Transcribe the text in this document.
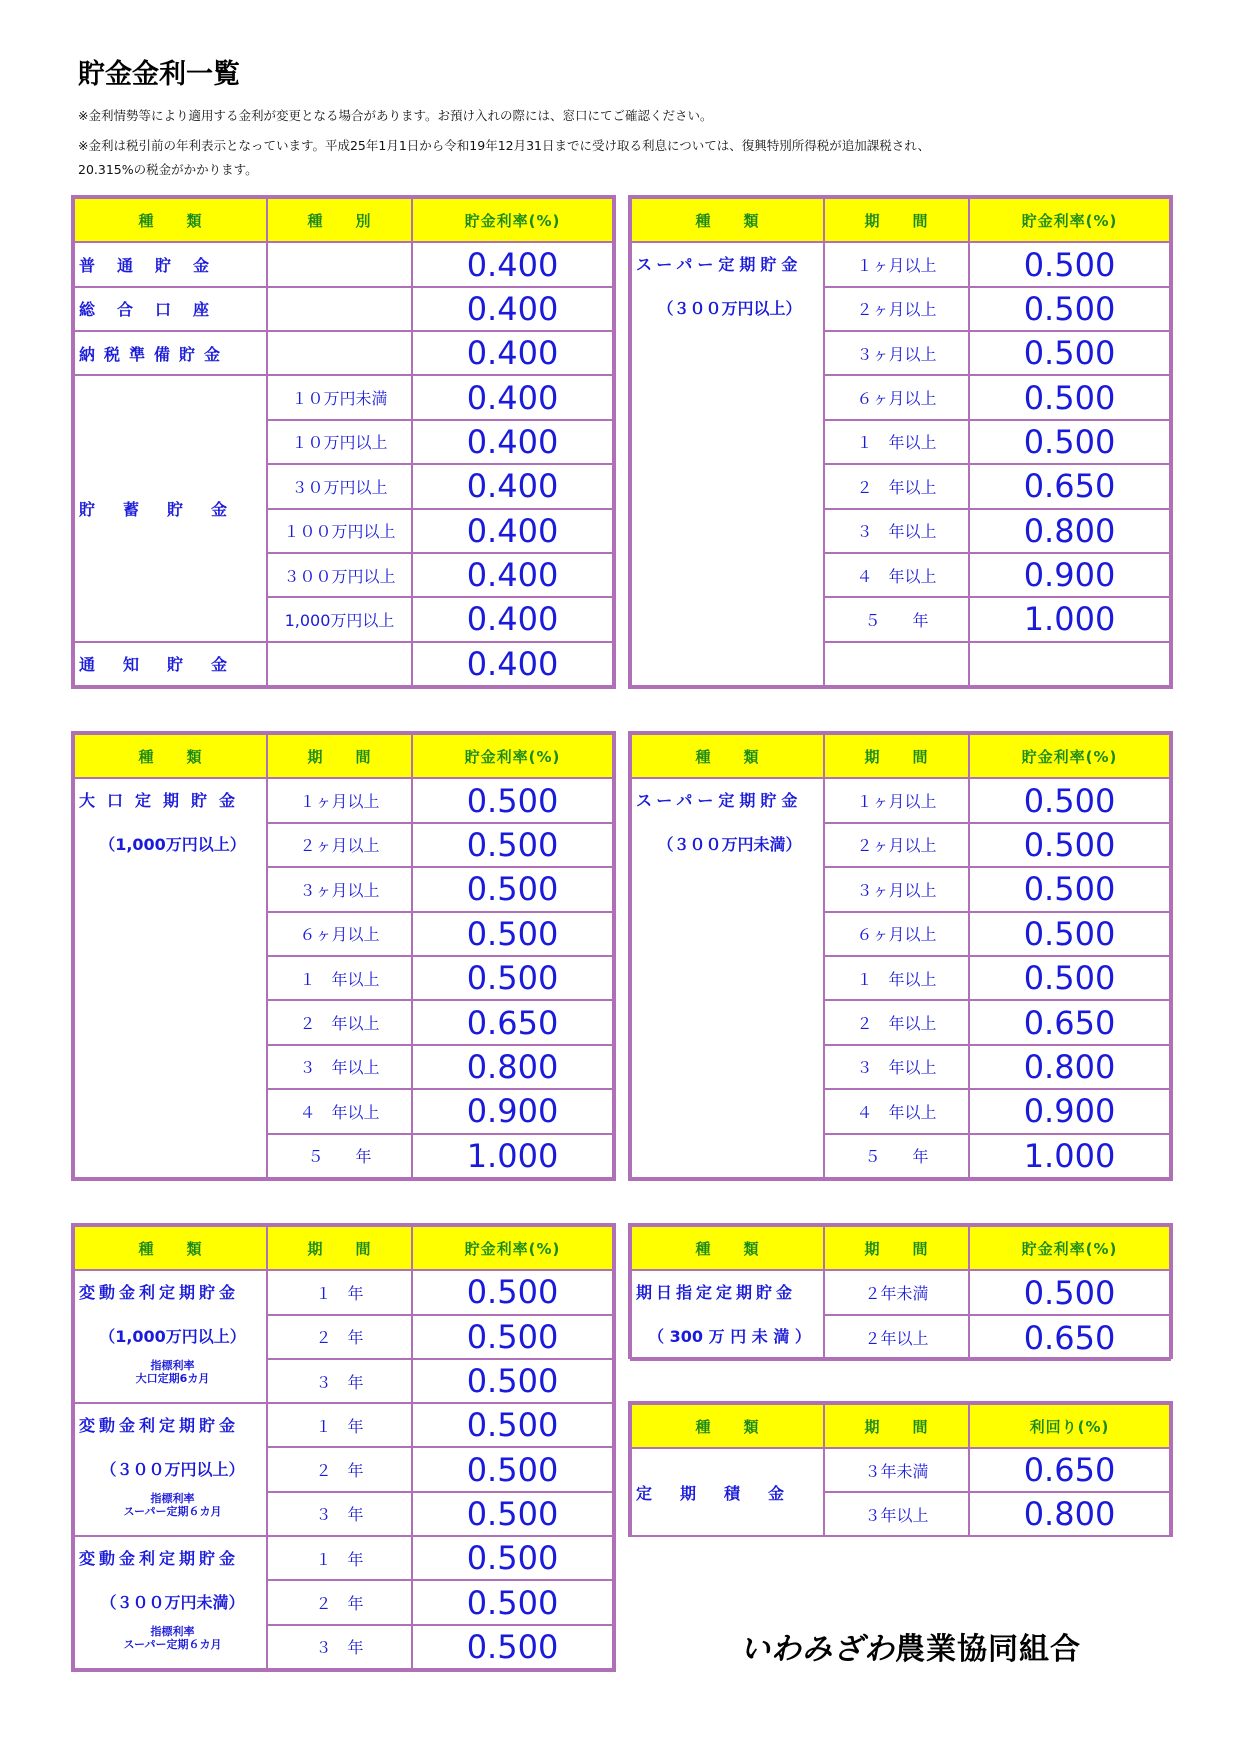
貯金金利一覧

※金利情勢等により適用する金利が変更となる場合があります。お預け入れの際には、窓口にてご確認ください。

※金利は税引前の年利表示となっています。平成25年1月1日から令和19年12月31日までに受け取る利息については、復興特別所得税が追加課税され、

20.315%の税金がかかります。

種　　類	種　　別	貯金利率(%)

普通貯金		0.400

総合口座		0.400

納税準備貯金		0.400

貯蓄貯金	１０万円未満	0.400
	１０万円以上	0.400
	３０万円以上	0.400
	１００万円以上	0.400
	３００万円以上	0.400
	1,000万円以上	0.400

通知貯金		0.400
種　　類	期　　間	貯金利率(%)

スーパー定期貯金
（３００万円以上）	１ヶ月以上	0.500
	２ヶ月以上	0.500
	３ヶ月以上	0.500
	６ヶ月以上	0.500
	１　年以上	0.500
	２　年以上	0.650
	３　年以上	0.800
	４　年以上	0.900
	５　　年	1.000

種　　類	期　　間	貯金利率(%)

大口定期貯金
（1,000万円以上）	１ヶ月以上	0.500
	２ヶ月以上	0.500
	３ヶ月以上	0.500
	６ヶ月以上	0.500
	１　年以上	0.500
	２　年以上	0.650
	３　年以上	0.800
	４　年以上	0.900
	５　　年	1.000
種　　類	期　　間	貯金利率(%)

スーパー定期貯金
（３００万円未満）	１ヶ月以上	0.500
	２ヶ月以上	0.500
	３ヶ月以上	0.500
	６ヶ月以上	0.500
	１　年以上	0.500
	２　年以上	0.650
	３　年以上	0.800
	４　年以上	0.900
	５　　年	1.000
種　　類	期　　間	貯金利率(%)

変動金利定期貯金
（1,000万円以上）
指標利率
大口定期6カ月	１　年	0.500
	２　年	0.500
	３　年	0.500

変動金利定期貯金
（３００万円以上）
指標利率
スーパー定期６カ月	１　年	0.500
	２　年	0.500
	３　年	0.500

変動金利定期貯金
（３００万円未満）
指標利率
スーパー定期６カ月	１　年	0.500
	２　年	0.500
	３　年	0.500
種　　類	期　　間	貯金利率(%)

期日指定定期貯金
（ 300 万 円 未 満 ）	２年未満	0.500
	２年以上	0.650
種　　類	期　　間	利回り(%)

定期積金	３年未満	0.650
	３年以上	0.800
いわみざわ農業協同組合
